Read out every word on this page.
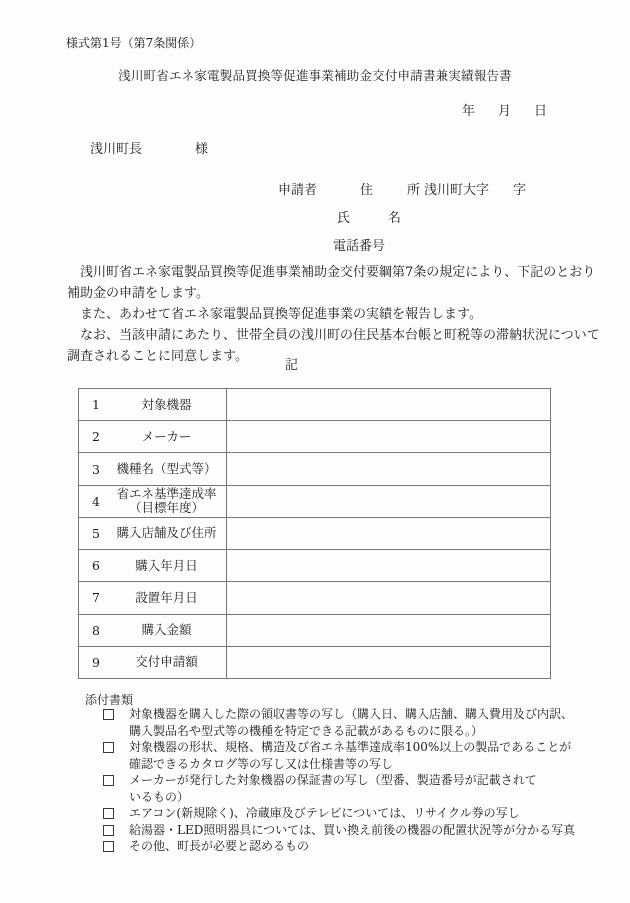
様式第1号（第7条関係）
浅川町省エネ家電製品買換等促進事業補助金交付申請書兼実績報告書
年 月 日
浅川町長	様
申請者	住	所 浅川町大字 字
氏	名
電話番号
　浅川町省エネ家電製品買換等促進事業補助金交付要綱第7条の規定により、下記のとおり
補助金の申請をします。
　また、あわせて省エネ家電製品買換等促進事業の実績を報告します。
　なお、当該申請にあたり、世帯全員の浅川町の住民基本台帳と町税等の滞納状況について
調査されることに同意します。
記
1	対象機器
2	メーカー
3	機種名（型式等）
4	省エネ基準達成率
（目標年度）
5	購入店舗及び住所
6	購入年月日
7	設置年月日
8	購入金額
9	交付申請額
添付書類
対象機器を購入した際の領収書等の写し（購入日、購入店舗、購入費用及び内訳、
購入製品名や型式等の機種を特定できる記載があるものに限る。）
対象機器の形状、規格、構造及び省エネ基準達成率100%以上の製品であることが
確認できるカタログ等の写し又は仕様書等の写し
メーカーが発行した対象機器の保証書の写し（型番、製造番号が記載されて
いるもの）
エアコン(新規除く)、冷蔵庫及びテレビについては、リサイクル券の写し
給湯器・LED照明器具については、買い換え前後の機器の配置状況等が分かる写真
その他、町長が必要と認めるもの
